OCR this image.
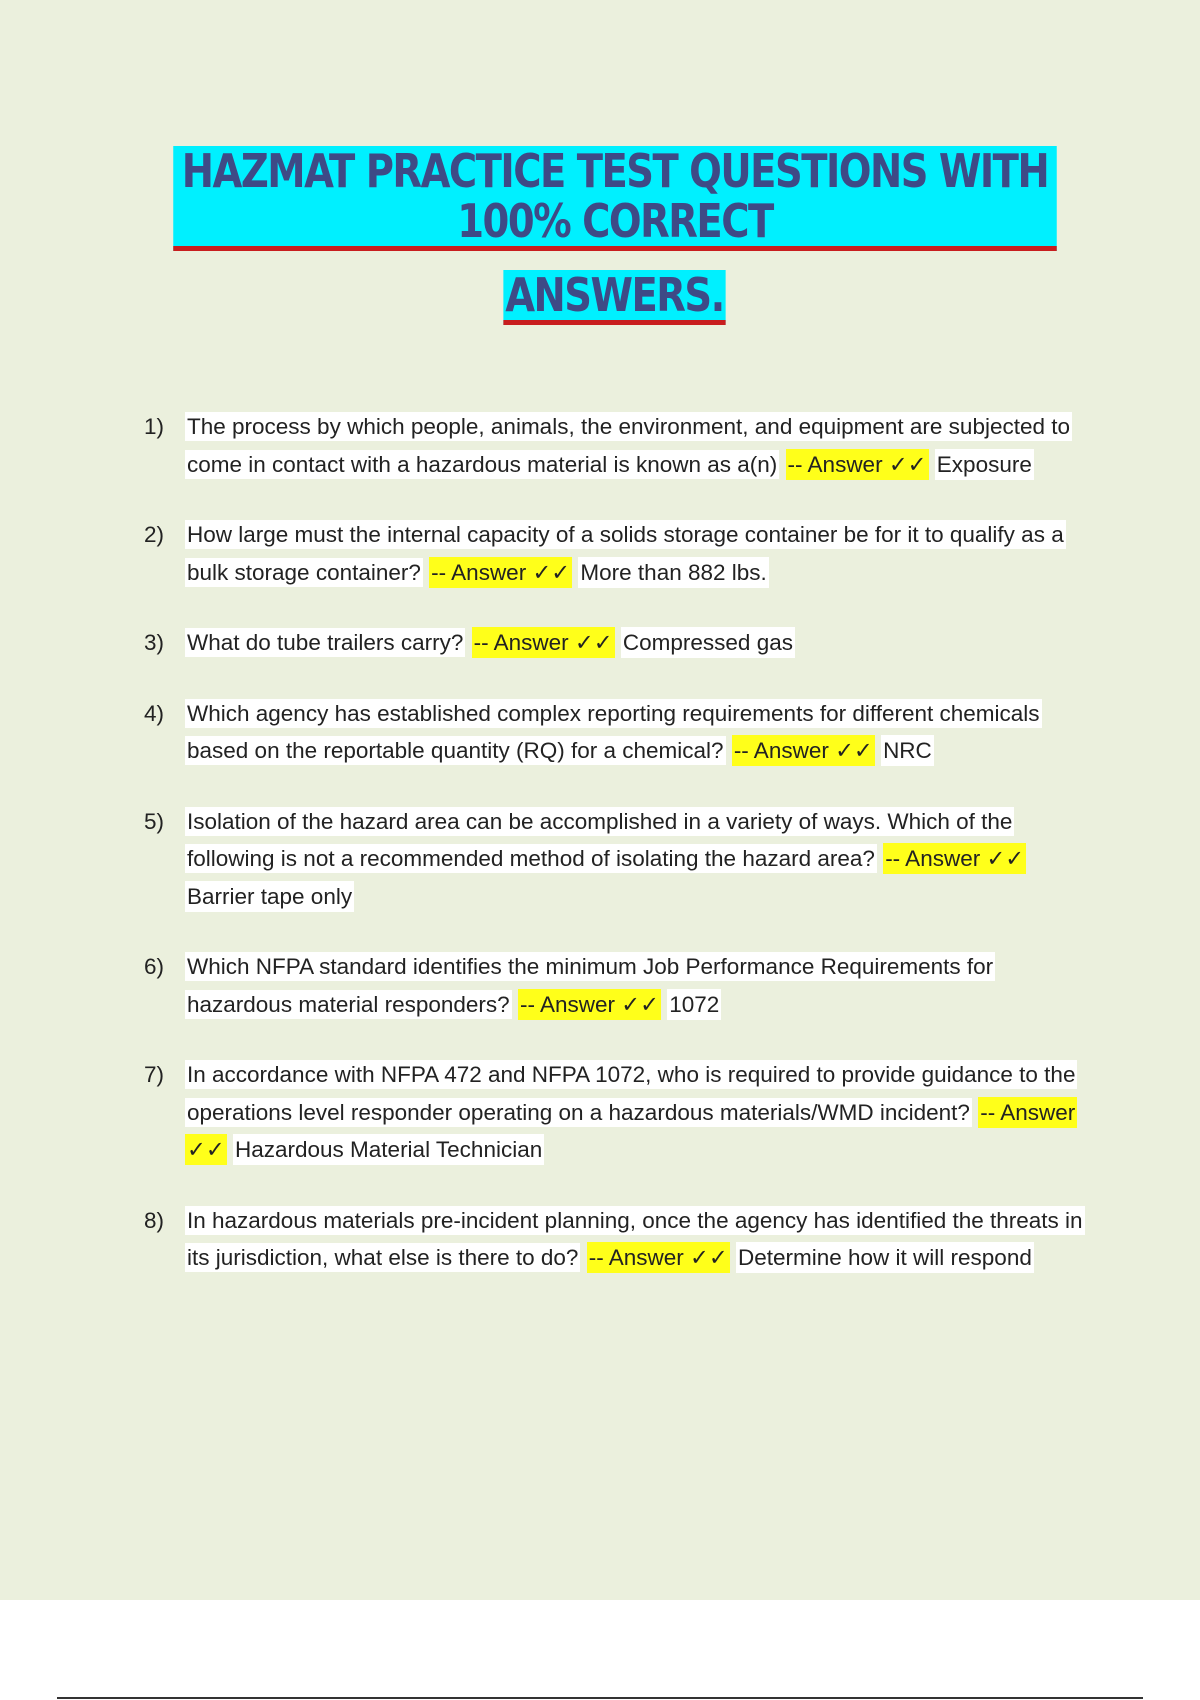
HAZMAT PRACTICE TEST QUESTIONS WITH 100% CORRECT
ANSWERS.
1)	The process by which people, animals, the environment, and equipment are subjected to come in contact with a hazardous material is known as a(n) -- Answer ✓✓ Exposure
2)	How large must the internal capacity of a solids storage container be for it to qualify as a bulk storage container? -- Answer ✓✓ More than 882 lbs.
3)	What do tube trailers carry? -- Answer ✓✓ Compressed gas
4)	Which agency has established complex reporting requirements for different chemicals based on the reportable quantity (RQ) for a chemical? -- Answer ✓✓ NRC
5)	Isolation of the hazard area can be accomplished in a variety of ways. Which of the following is not a recommended method of isolating the hazard area? -- Answer ✓✓ Barrier tape only
6)	Which NFPA standard identifies the minimum Job Performance Requirements for hazardous material responders? -- Answer ✓✓ 1072
7)	In accordance with NFPA 472 and NFPA 1072, who is required to provide guidance to the operations level responder operating on a hazardous materials/WMD incident? -- Answer ✓✓ Hazardous Material Technician
8)	In hazardous materials pre-incident planning, once the agency has identified the threats in its jurisdiction, what else is there to do? -- Answer ✓✓ Determine how it will respond
